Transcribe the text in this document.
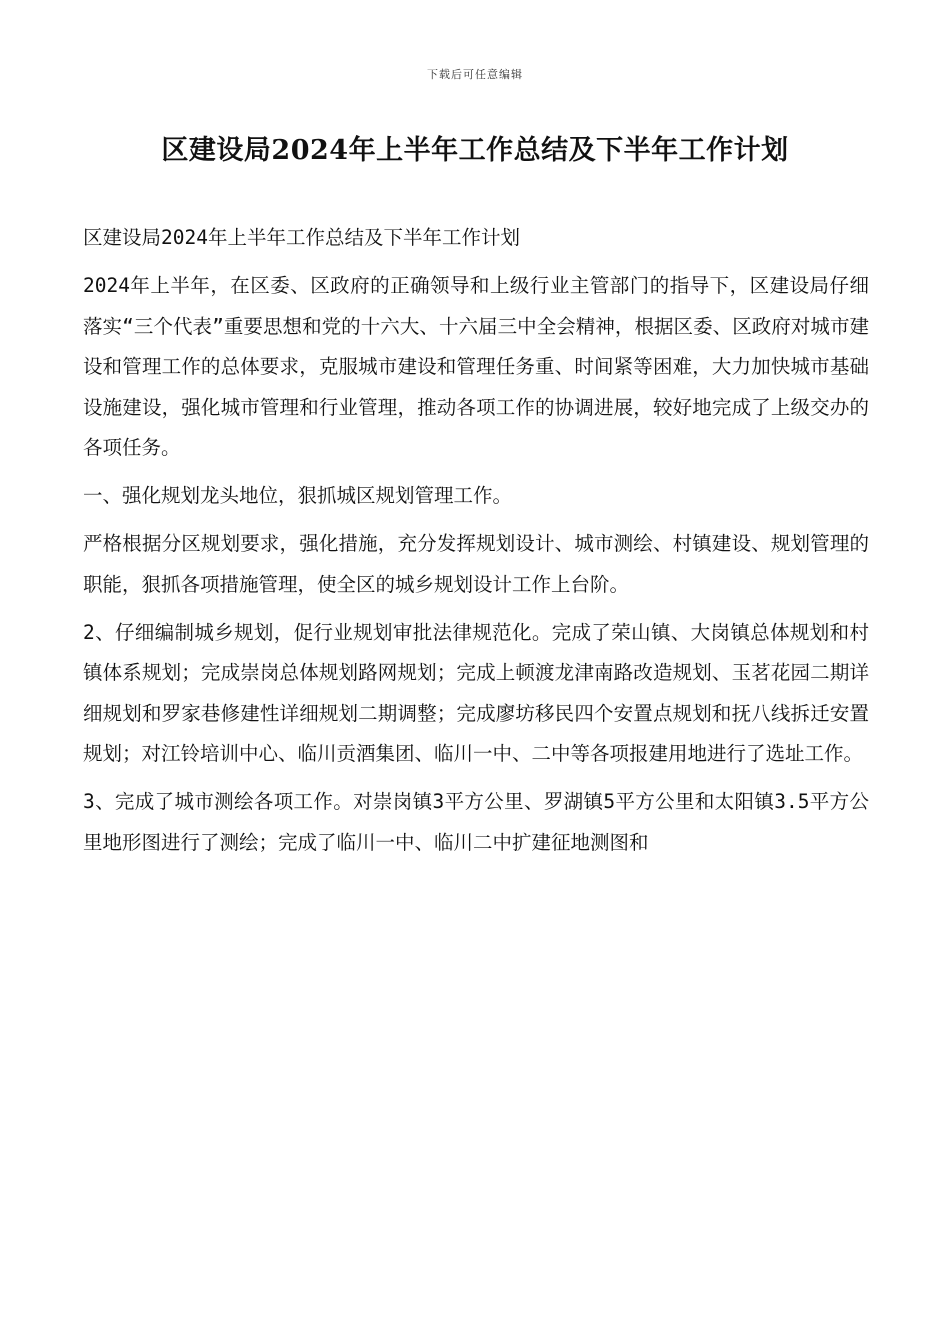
下载后可任意编辑
区建设局2024年上半年工作总结及下半年工作计划

区建设局2024年上半年工作总结及下半年工作计划

2024年上半年，在区委、区政府的正确领导和上级行业主管部门的指导下，区建设局仔细落实“三个代表”重要思想和党的十六大、十六届三中全会精神，根据区委、区政府对城市建设和管理工作的总体要求，克服城市建设和管理任务重、时间紧等困难，大力加快城市基础设施建设，强化城市管理和行业管理，推动各项工作的协调进展，较好地完成了上级交办的各项任务。

一、强化规划龙头地位，狠抓城区规划管理工作。

严格根据分区规划要求，强化措施，充分发挥规划设计、城市测绘、村镇建设、规划管理的职能，狠抓各项措施管理，使全区的城乡规划设计工作上台阶。

2、仔细编制城乡规划，促行业规划审批法律规范化。完成了荣山镇、大岗镇总体规划和村镇体系规划；完成崇岗总体规划路网规划；完成上顿渡龙津南路改造规划、玉茗花园二期详细规划和罗家巷修建性详细规划二期调整；完成廖坊移民四个安置点规划和抚八线拆迁安置规划；对江铃培训中心、临川贡酒集团、临川一中、二中等各项报建用地进行了选址工作。

3、完成了城市测绘各项工作。对崇岗镇3平方公里、罗湖镇5平方公里和太阳镇3.5平方公里地形图进行了测绘；完成了临川一中、临川二中扩建征地测图和
